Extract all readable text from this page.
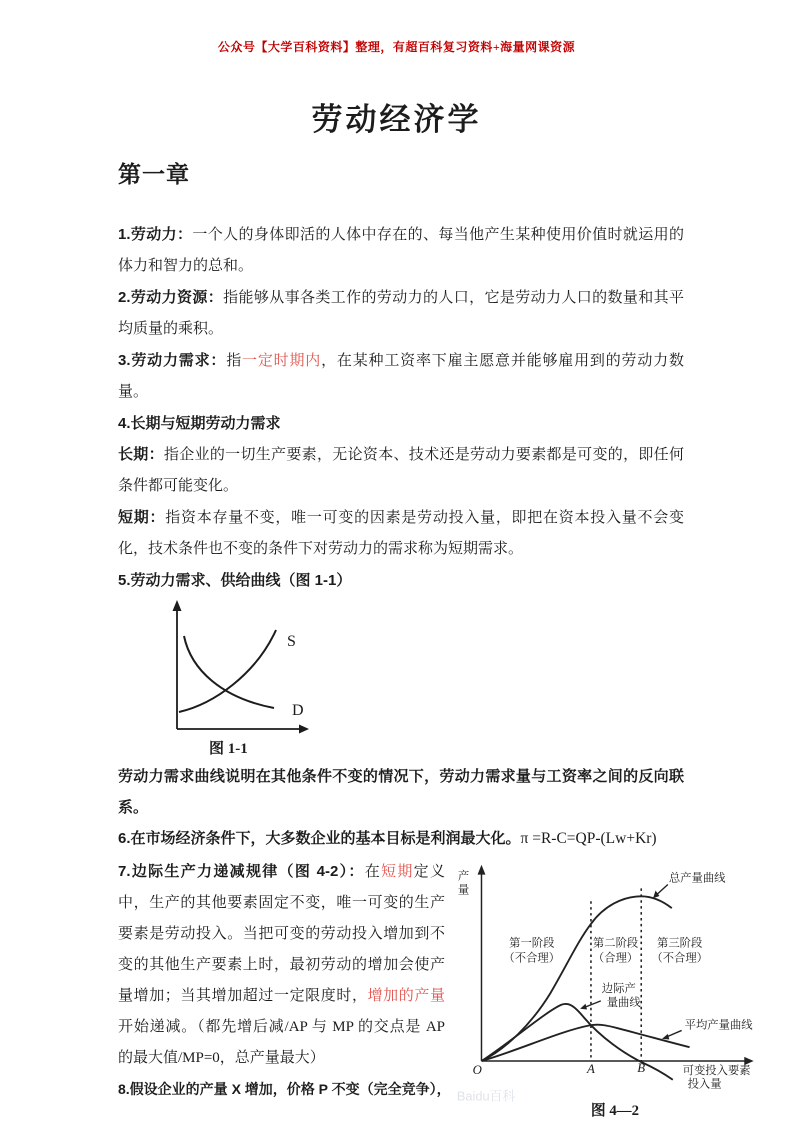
公众号【大学百科资料】整理，有超百科复习资料+海量网课资源
劳动经济学
第一章

1.劳动力：一个人的身体即活的人体中存在的、每当他产生某种使用价值时就运用的体力和智力的总和。

2.劳动力资源：指能够从事各类工作的劳动力的人口，它是劳动力人口的数量和其平均质量的乘积。

3.劳动力需求：指一定时期内，在某种工资率下雇主愿意并能够雇用到的劳动力数量。

4.长期与短期劳动力需求

长期：指企业的一切生产要素，无论资本、技术还是劳动力要素都是可变的，即任何条件都可能变化。

短期：指资本存量不变，唯一可变的因素是劳动投入量，即把在资本投入量不会变化，技术条件也不变的条件下对劳动力的需求称为短期需求。

5.劳动力需求、供给曲线（图 1-1）

S
D
图 1-1

劳动力需求曲线说明在其他条件不变的情况下，劳动力需求量与工资率之间的反向联系。

6.在市场经济条件下，大多数企业的基本目标是利润最大化。π =R-C=QP-(Lw+Kr)

7.边际生产力递减规律（图 4-2）：在短期定义中，生产的其他要素固定不变，唯一可变的生产要素是劳动投入。当把可变的劳动投入增加到不变的其他生产要素上时，最初劳动的增加会使产量增加；当其增加超过一定限度时，增加的产量开始递减。（都先增后减/AP 与 MP 的交点是 AP 的最大值/MP=0，总产量最大）

8.假设企业的产量 X 增加，价格 P 不变（完全竞争），

产
量
总产量曲线
第一阶段
（不合理）
第二阶段
（合理）
第三阶段
（不合理）
边际产
量曲线
平均产量曲线
O	A	B	可变投入要素
投入量
Baidu百科
图 4—2
